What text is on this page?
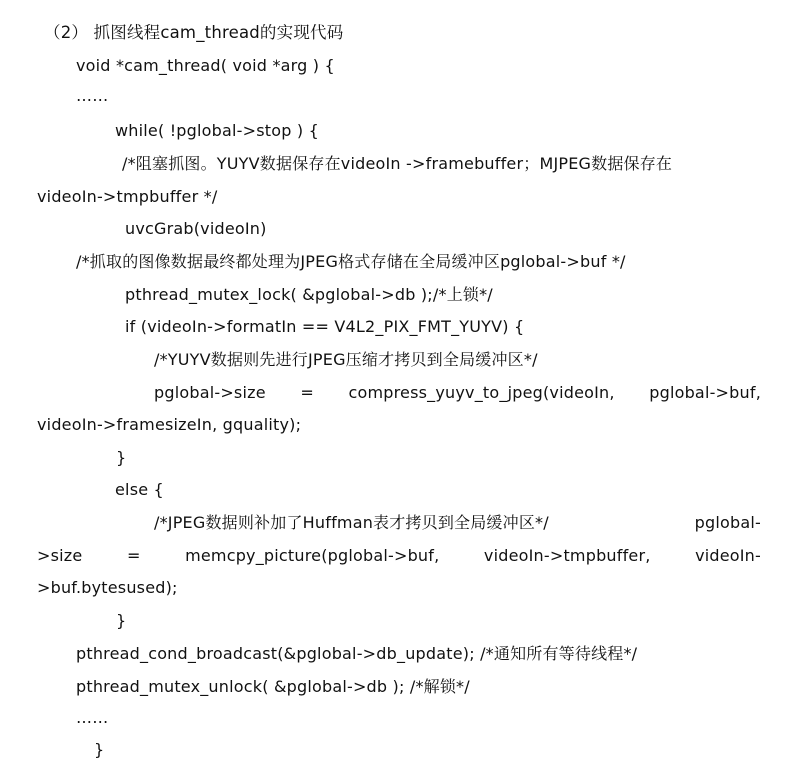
（2） 抓图线程cam_thread的实现代码
void *cam_thread( void *arg ) {
……
while( !pglobal->stop ) {
/*阻塞抓图。YUYV数据保存在videoIn ->framebuffer；MJPEG数据保存在
videoIn->tmpbuffer */
uvcGrab(videoIn)
/*抓取的图像数据最终都处理为JPEG格式存储在全局缓冲区pglobal->buf */
pthread_mutex_lock( &pglobal->db );/*上锁*/
if (videoIn->formatIn == V4L2_PIX_FMT_YUYV) {
/*YUYV数据则先进行JPEG压缩才拷贝到全局缓冲区*/
pglobal->size = compress_yuyv_to_jpeg(videoIn, pglobal->buf,
videoIn->framesizeIn, gquality);
}
else {
/*JPEG数据则补加了Huffman表才拷贝到全局缓冲区*/	pglobal-
>size	=	memcpy_picture(pglobal->buf,	videoIn->tmpbuffer,	videoIn-
>buf.bytesused);
}
pthread_cond_broadcast(&pglobal->db_update); /*通知所有等待线程*/
pthread_mutex_unlock( &pglobal->db ); /*解锁*/
……
}
